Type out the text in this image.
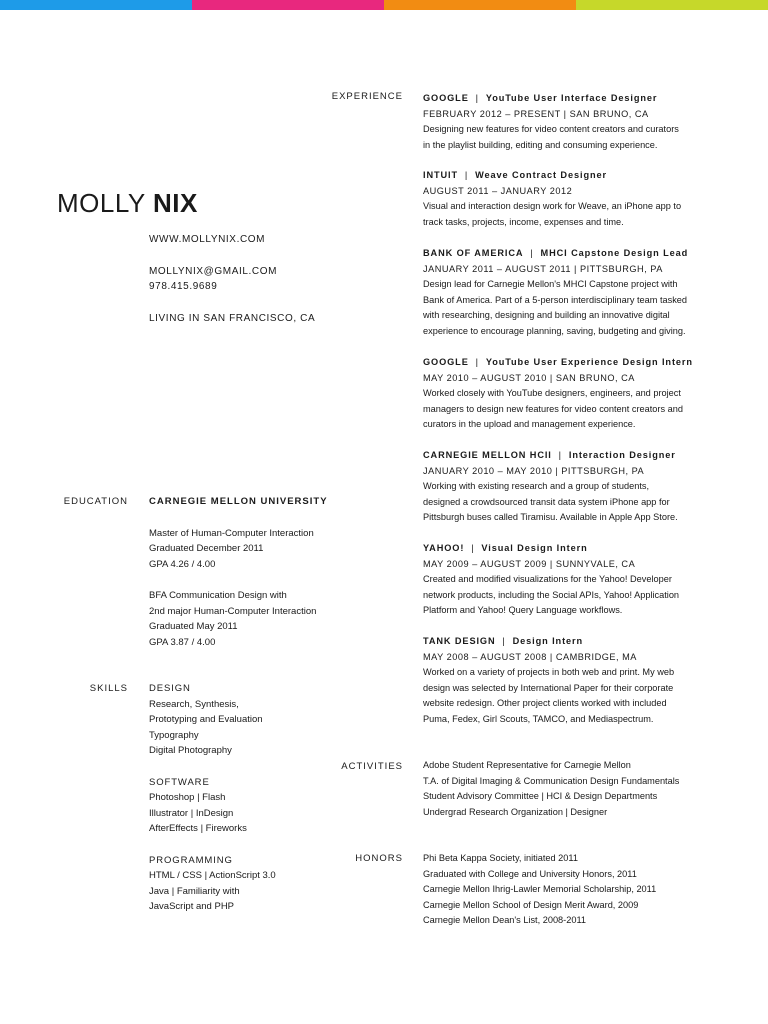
MOLLY NIX
WWW.MOLLYNIX.COM
MOLLYNIX@GMAIL.COM
978.415.9689
LIVING IN SAN FRANCISCO, CA
EXPERIENCE
EDUCATION
SKILLS
ACTIVITIES
HONORS
CARNEGIE MELLON UNIVERSITY
Master of Human-Computer Interaction
Graduated December 2011
GPA 4.26 / 4.00
BFA Communication Design with
2nd major Human-Computer Interaction
Graduated May 2011
GPA 3.87 / 4.00
DESIGN
Research, Synthesis,
Prototyping and Evaluation
Typography
Digital Photography
SOFTWARE
Photoshop | Flash
Illustrator | InDesign
AfterEffects | Fireworks
PROGRAMMING
HTML / CSS | ActionScript 3.0
Java | Familiarity with
JavaScript and PHP
GOOGLE  |  YouTube User Interface Designer
FEBRUARY 2012 – PRESENT | SAN BRUNO, CA
Designing new features for video content creators and curators
in the playlist building, editing and consuming experience.
INTUIT  |  Weave Contract Designer
AUGUST 2011 – JANUARY 2012
Visual and interaction design work for Weave, an iPhone app to
track tasks, projects, income, expenses and time.
BANK OF AMERICA  |  MHCI Capstone Design Lead
JANUARY 2011 – AUGUST 2011 | PITTSBURGH, PA
Design lead for Carnegie Mellon's MHCI Capstone project with
Bank of America. Part of a 5-person interdisciplinary team tasked
with researching, designing and building an innovative digital
experience to encourage planning, saving, budgeting and giving.
GOOGLE  |  YouTube User Experience Design Intern
MAY 2010 – AUGUST 2010 | SAN BRUNO, CA
Worked closely with YouTube designers, engineers, and project
managers to design new features for video content creators and
curators in the upload and management experience.
CARNEGIE MELLON HCII  |  Interaction Designer
JANUARY 2010 – MAY 2010 | PITTSBURGH, PA
Working with existing research and a group of students,
designed a crowdsourced transit data system iPhone app for
Pittsburgh buses called Tiramisu. Available in Apple App Store.
YAHOO!  |  Visual Design Intern
MAY 2009 – AUGUST 2009 | SUNNYVALE, CA
Created and modified visualizations for the Yahoo! Developer
network products, including the Social APIs, Yahoo! Application
Platform and Yahoo! Query Language workflows.
TANK DESIGN  |  Design Intern
MAY 2008 – AUGUST 2008 | CAMBRIDGE, MA
Worked on a variety of projects in both web and print. My web
design was selected by International Paper for their corporate
website redesign. Other project clients worked with included
Puma, Fedex, Girl Scouts, TAMCO, and Mediaspectrum.
Adobe Student Representative for Carnegie Mellon
T.A. of Digital Imaging & Communication Design Fundamentals
Student Advisory Committee | HCI & Design Departments
Undergrad Research Organization | Designer
Phi Beta Kappa Society, initiated 2011
Graduated with College and University Honors, 2011
Carnegie Mellon Ihrig-Lawler Memorial Scholarship, 2011
Carnegie Mellon School of Design Merit Award, 2009
Carnegie Mellon Dean's List, 2008-2011
